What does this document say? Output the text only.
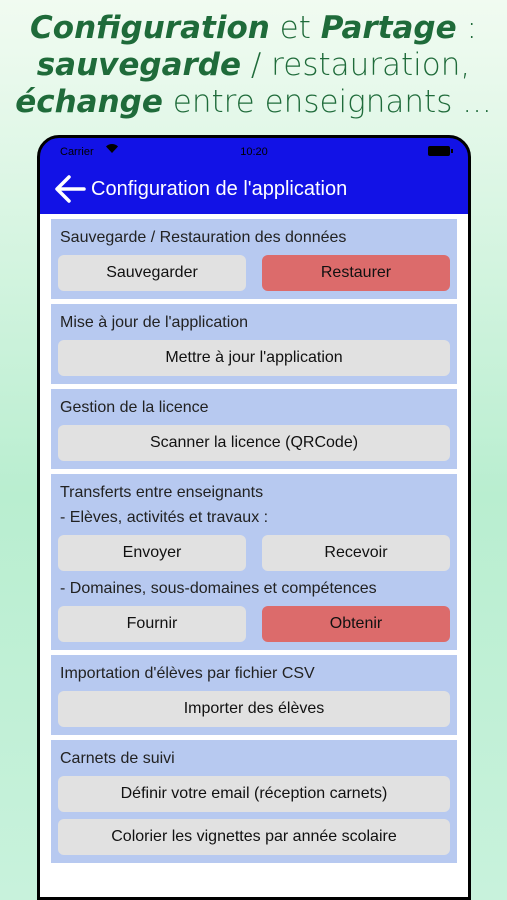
Configuration et Partage :
sauvegarde / restauration,
échange entre enseignants ...
Carrier	10:20
Configuration de l'application
Sauvegarde / Restauration des données
Sauvegarder	Restaurer
Mise à jour de l'application
Mettre à jour l'application
Gestion de la licence
Scanner la licence (QRCode)
Transferts entre enseignants
- Elèves, activités et travaux :
Envoyer	Recevoir
- Domaines, sous-domaines et compétences
Fournir	Obtenir
Importation d'élèves par fichier CSV
Importer des élèves
Carnets de suivi
Définir votre email (réception carnets)
Colorier les vignettes par année scolaire
